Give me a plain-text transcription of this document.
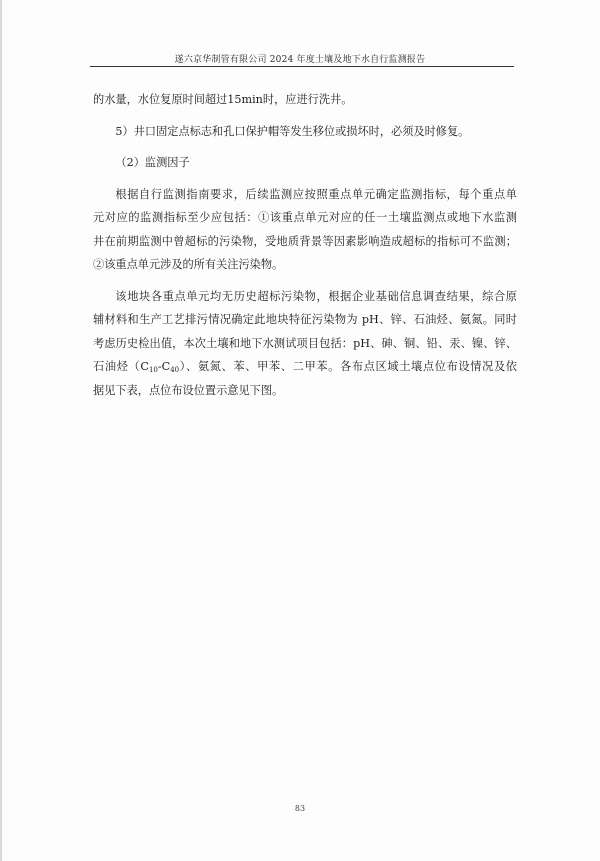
遂六京华制管有限公司 2024 年度土壤及地下水自行监测报告

的水量，水位复原时间超过15min时，应进行洗井。

5）井口固定点标志和孔口保护帽等发生移位或损坏时，必须及时修复。

（2）监测因子

根据自行监测指南要求，后续监测应按照重点单元确定监测指标，每个重点单
元对应的监测指标至少应包括：①该重点单元对应的任一土壤监测点或地下水监测
井在前期监测中曾超标的污染物，受地质背景等因素影响造成超标的指标可不监测；
②该重点单元涉及的所有关注污染物。

该地块各重点单元均无历史超标污染物，根据企业基础信息调查结果，综合原
辅材料和生产工艺排污情况确定此地块特征污染物为 pH、锌、石油烃、氨氮。同时
考虑历史检出值，本次土壤和地下水测试项目包括：pH、砷、铜、铅、汞、镍、锌、
石油烃$(C_{10}-C_{40})$、氨氮、苯、甲苯、二甲苯。各布点区域土壤点位布设情况及依
据见下表，点位布设位置示意见下图。

83
